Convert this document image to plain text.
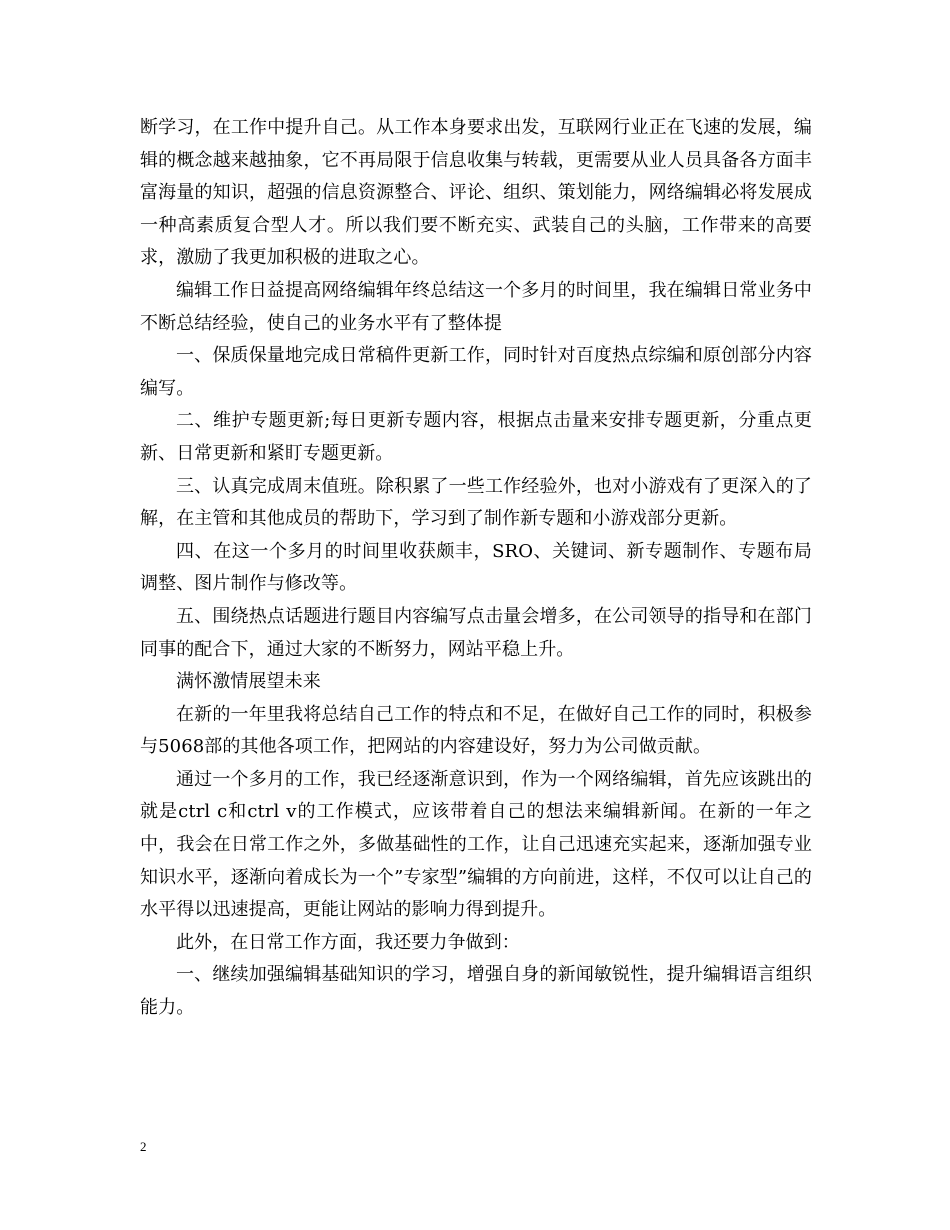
断学习，在工作中提升自己。从工作本身要求出发，互联网行业正在飞速的发展，编辑的概念越来越抽象，它不再局限于信息收集与转载，更需要从业人员具备各方面丰富海量的知识，超强的信息资源整合、评论、组织、策划能力，网络编辑必将发展成一种高素质复合型人才。所以我们要不断充实、武装自己的头脑，工作带来的高要求，激励了我更加积极的进取之心。

编辑工作日益提高网络编辑年终总结这一个多月的时间里，我在编辑日常业务中不断总结经验，使自己的业务水平有了整体提

一、保质保量地完成日常稿件更新工作，同时针对百度热点综编和原创部分内容编写。

二、维护专题更新;每日更新专题内容，根据点击量来安排专题更新，分重点更新、日常更新和紧盯专题更新。

三、认真完成周末值班。除积累了一些工作经验外，也对小游戏有了更深入的了解，在主管和其他成员的帮助下，学习到了制作新专题和小游戏部分更新。

四、在这一个多月的时间里收获颇丰，SRO、关键词、新专题制作、专题布局调整、图片制作与修改等。

五、围绕热点话题进行题目内容编写点击量会增多，在公司领导的指导和在部门同事的配合下，通过大家的不断努力，网站平稳上升。

满怀激情展望未来

在新的一年里我将总结自己工作的特点和不足，在做好自己工作的同时，积极参与5068部的其他各项工作，把网站的内容建设好，努力为公司做贡献。

通过一个多月的工作，我已经逐渐意识到，作为一个网络编辑，首先应该跳出的就是ctrl c和ctrl v的工作模式，应该带着自己的想法来编辑新闻。在新的一年之中，我会在日常工作之外，多做基础性的工作，让自己迅速充实起来，逐渐加强专业知识水平，逐渐向着成长为一个”专家型”编辑的方向前进，这样，不仅可以让自己的水平得以迅速提高，更能让网站的影响力得到提升。

此外，在日常工作方面，我还要力争做到：

一、继续加强编辑基础知识的学习，增强自身的新闻敏锐性，提升编辑语言组织能力。

2
